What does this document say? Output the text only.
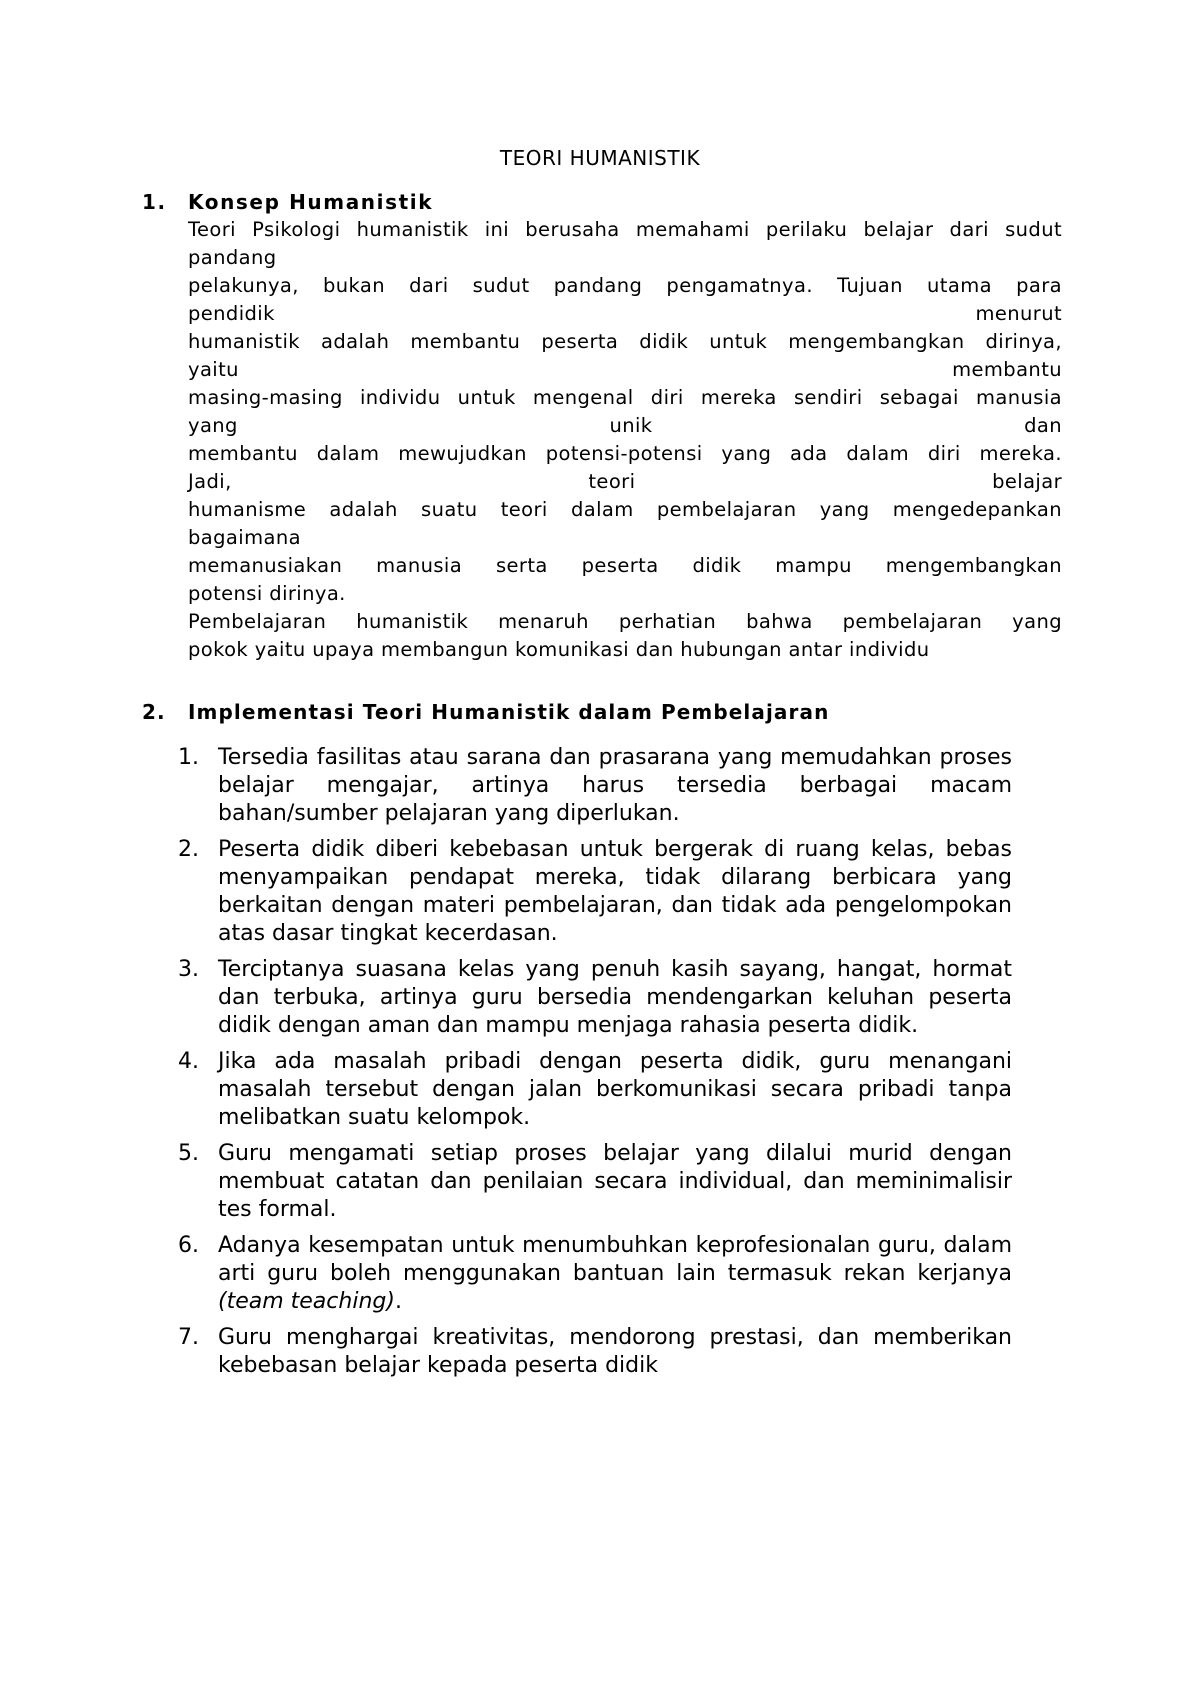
TEORI HUMANISTIK
1. Konsep Humanistik
Teori Psikologi humanistik ini berusaha memahami perilaku belajar dari sudut
pandang
pelakunya, bukan dari sudut pandang pengamatnya. Tujuan utama para
pendidik menurut
humanistik adalah membantu peserta didik untuk mengembangkan dirinya,
yaitu membantu
masing-masing individu untuk mengenal diri mereka sendiri sebagai manusia
yang unik dan
membantu dalam mewujudkan potensi-potensi yang ada dalam diri mereka.
Jadi, teori belajar
humanisme adalah suatu teori dalam pembelajaran yang mengedepankan
bagaimana
memanusiakan manusia serta peserta didik mampu mengembangkan
potensi dirinya.
Pembelajaran humanistik menaruh perhatian bahwa pembelajaran yang
pokok yaitu upaya membangun komunikasi dan hubungan antar individu
2. Implementasi Teori Humanistik dalam Pembelajaran
1. Tersedia fasilitas atau sarana dan prasarana yang memudahkan proses belajar mengajar, artinya harus tersedia berbagai macam bahan/sumber pelajaran yang diperlukan.
2. Peserta didik diberi kebebasan untuk bergerak di ruang kelas, bebas menyampaikan pendapat mereka, tidak dilarang berbicara yang berkaitan dengan materi pembelajaran, dan tidak ada pengelompokan atas dasar tingkat kecerdasan.
3. Terciptanya suasana kelas yang penuh kasih sayang, hangat, hormat dan terbuka, artinya guru bersedia mendengarkan keluhan peserta didik dengan aman dan mampu menjaga rahasia peserta didik.
4. Jika ada masalah pribadi dengan peserta didik, guru menangani masalah tersebut dengan jalan berkomunikasi secara pribadi tanpa melibatkan suatu kelompok.
5. Guru mengamati setiap proses belajar yang dilalui murid dengan membuat catatan dan penilaian secara individual, dan meminimalisir tes formal.
6. Adanya kesempatan untuk menumbuhkan keprofesionalan guru, dalam arti guru boleh menggunakan bantuan lain termasuk rekan kerjanya (team teaching).
7. Guru menghargai kreativitas, mendorong prestasi, dan memberikan kebebasan belajar kepada peserta didik
